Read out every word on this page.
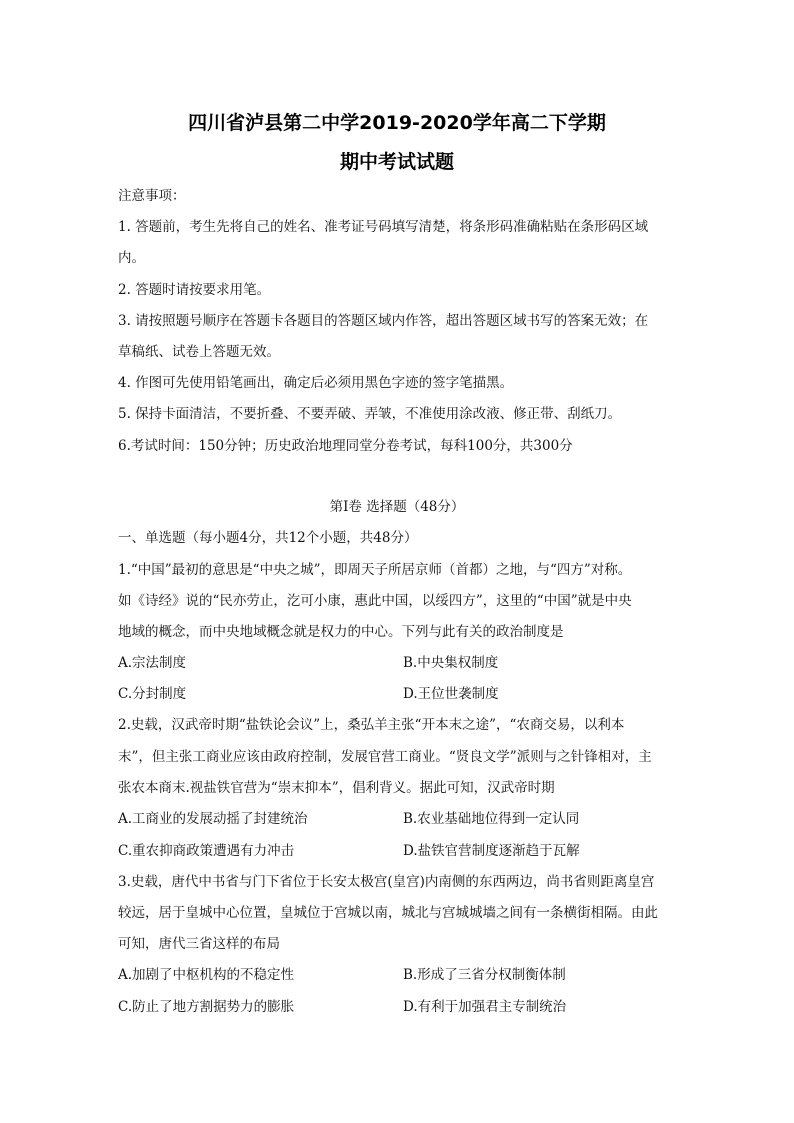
四川省泸县第二中学2019-2020学年高二下学期
期中考试试题
注意事项：
1. 答题前，考生先将自己的姓名、准考证号码填写清楚，将条形码准确粘贴在条形码区域
内。
2. 答题时请按要求用笔。
3. 请按照题号顺序在答题卡各题目的答题区域内作答，超出答题区域书写的答案无效；在
草稿纸、试卷上答题无效。
4. 作图可先使用铅笔画出，确定后必须用黑色字迹的签字笔描黑。
5. 保持卡面清洁，不要折叠、不要弄破、弄皱，不准使用涂改液、修正带、刮纸刀。
6.考试时间：150分钟；历史政治地理同堂分卷考试，每科100分，共300分
第Ⅰ卷 选择题（48分）
一、单选题（每小题4分，共12个小题，共48分）
1.“中国”最初的意思是“中央之城”，即周天子所居京师（首都）之地，与“四方”对称。
如《诗经》说的“民亦劳止，汔可小康，惠此中国，以绥四方”，这里的“中国”就是中央
地域的概念，而中央地域概念就是权力的中心。下列与此有关的政治制度是
A.宗法制度	B.中央集权制度
C.分封制度	D.王位世袭制度
2.史载，汉武帝时期“盐铁论会议”上，桑弘羊主张“开本末之途”，“农商交易，以利本
末”，但主张工商业应该由政府控制，发展官营工商业。“贤良文学”派则与之针锋相对，主
张农本商末.视盐铁官营为“崇末抑本”，倡利背义。据此可知，汉武帝时期
A.工商业的发展动摇了封建统治	B.农业基础地位得到一定认同
C.重农抑商政策遭遇有力冲击	D.盐铁官营制度逐渐趋于瓦解
3.史载，唐代中书省与门下省位于长安太极宫(皇宫)内南侧的东西两边，尚书省则距离皇宫
较远，居于皇城中心位置，皇城位于宫城以南，城北与宫城城墙之间有一条横街相隔。由此
可知，唐代三省这样的布局
A.加剧了中枢机构的不稳定性	B.形成了三省分权制衡体制
C.防止了地方割据势力的膨胀	D.有利于加强君主专制统治
